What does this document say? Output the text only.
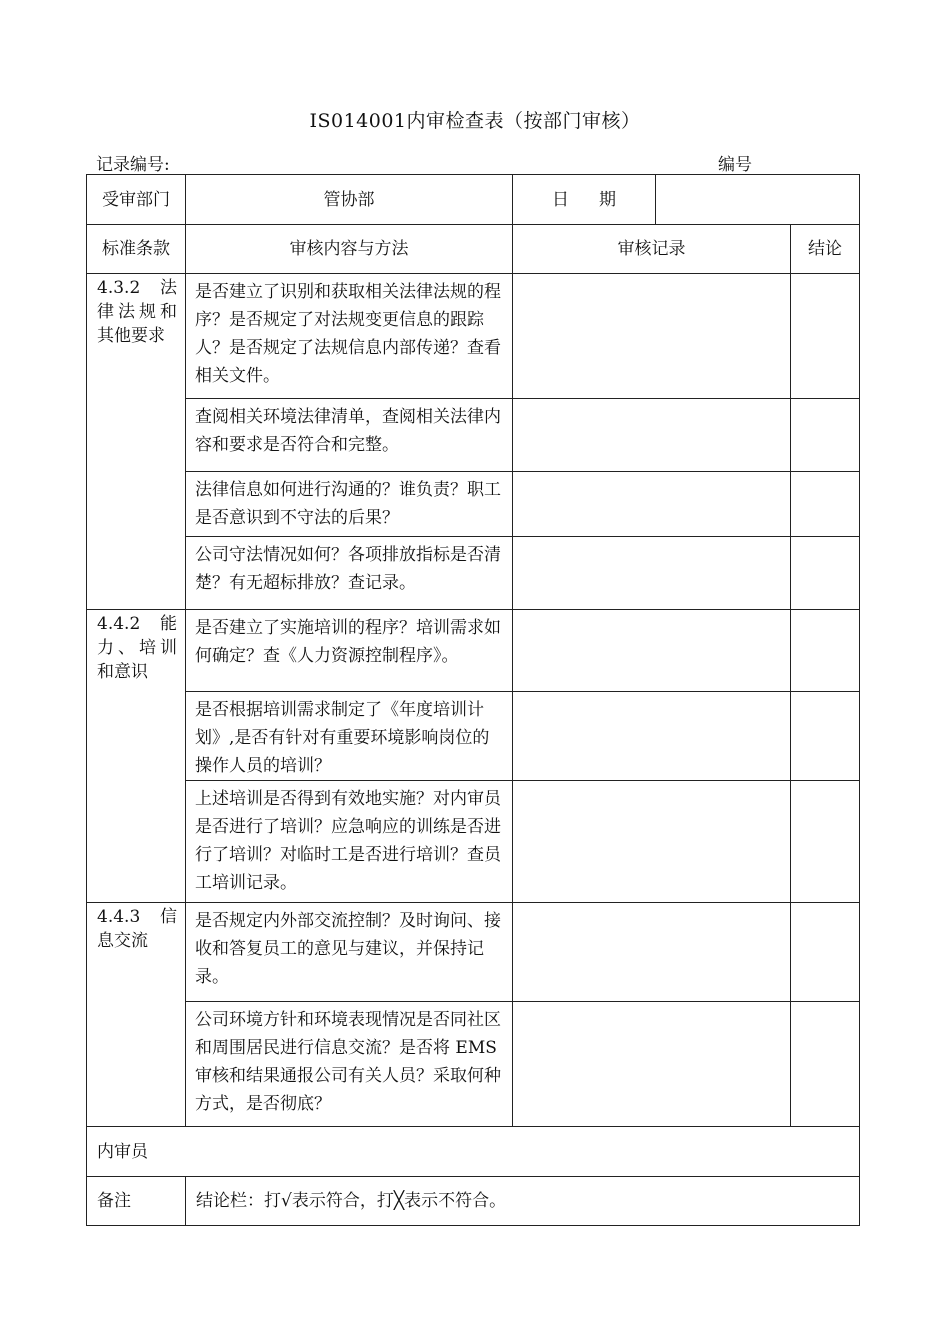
IS014001内审检查表（按部门审核）
记录编号:	编号
受审部门	管协部	日 期		
标准条款	审核内容与方法	审核记录		结论
4.3.2 法律法规和其他要求	是否建立了识别和获取相关法律法规的程序？是否规定了对法规变更信息的跟踪人？是否规定了法规信息内部传递？查看相关文件。			
	查阅相关环境法律清单，查阅相关法律内容和要求是否符合和完整。			
	法律信息如何进行沟通的？谁负责？职工是否意识到不守法的后果？			
	公司守法情况如何？各项排放指标是否清楚？有无超标排放？查记录。			
4.4.2 能力、培训和意识	是否建立了实施培训的程序？培训需求如何确定？查《人力资源控制程序》。			
	是否根据培训需求制定了《年度培训计划》,是否有针对有重要环境影响岗位的操作人员的培训？			
	上述培训是否得到有效地实施？对内审员是否进行了培训？应急响应的训练是否进行了培训？对临时工是否进行培训？查员工培训记录。			
4.4.3 信息交流	是否规定内外部交流控制？及时询问、接收和答复员工的意见与建议，并保持记录。			
	公司环境方针和环境表现情况是否同社区和周围居民进行信息交流？是否将 EMS 审核和结果通报公司有关人员？采取何种方式，是否彻底？			
内审员				
备注	结论栏：打√表示符合，打╳表示不符合。			
